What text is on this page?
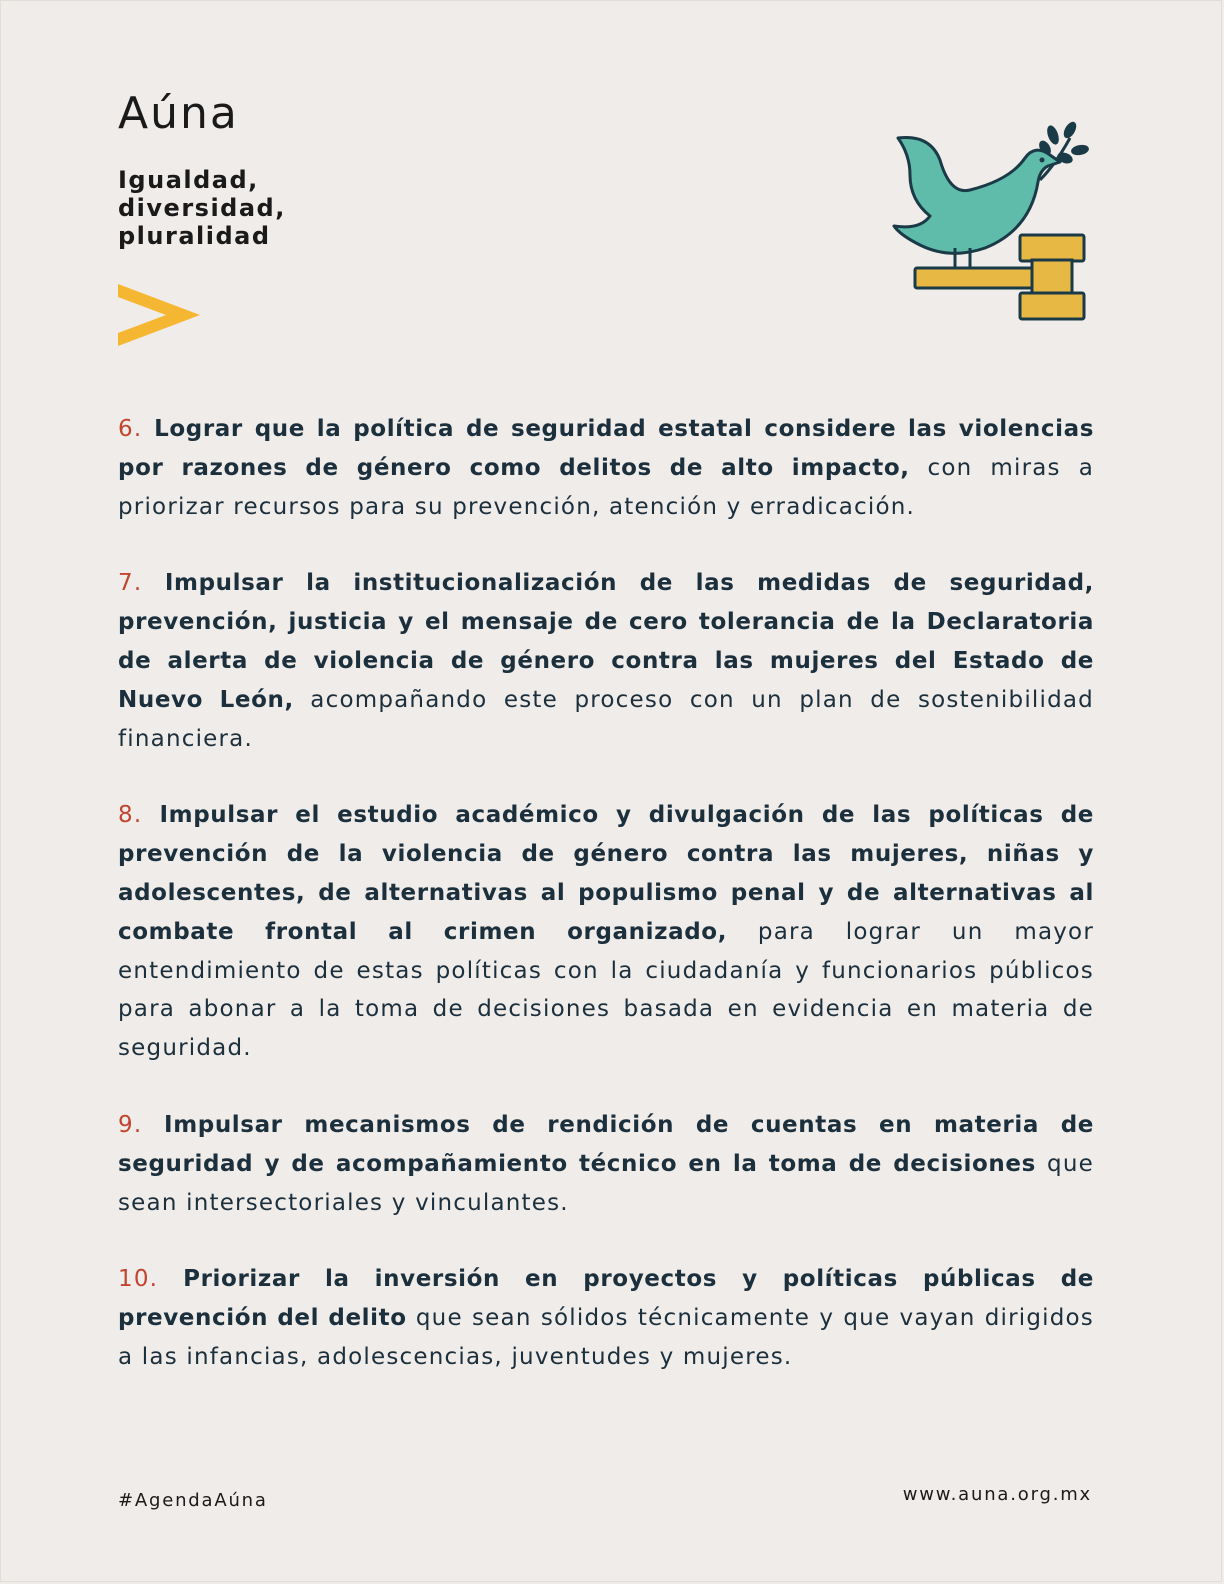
Aúna
Igualdad,
diversidad,
pluralidad

6. Lograr que la política de seguridad estatal considere las violencias por razones de género como delitos de alto impacto, con miras a priorizar recursos para su prevención, atención y erradicación.

7. Impulsar la institucionalización de las medidas de seguridad, prevención, justicia y el mensaje de cero tolerancia de la Declaratoria de alerta de violencia de género contra las mujeres del Estado de Nuevo León, acompañando este proceso con un plan de sostenibilidad financiera.

8. Impulsar el estudio académico y divulgación de las políticas de prevención de la violencia de género contra las mujeres, niñas y adolescentes, de alternativas al populismo penal y de alternativas al combate frontal al crimen organizado, para lograr un mayor entendimiento de estas políticas con la ciudadanía y funcionarios públicos para abonar a la toma de decisiones basada en evidencia en materia de seguridad.

9. Impulsar mecanismos de rendición de cuentas en materia de seguridad y de acompañamiento técnico en la toma de decisiones que sean intersectoriales y vinculantes.

10. Priorizar la inversión en proyectos y políticas públicas de prevención del delito que sean sólidos técnicamente y que vayan dirigidos a las infancias, adolescencias, juventudes y mujeres.

#AgendaAúna	www.auna.org.mx
